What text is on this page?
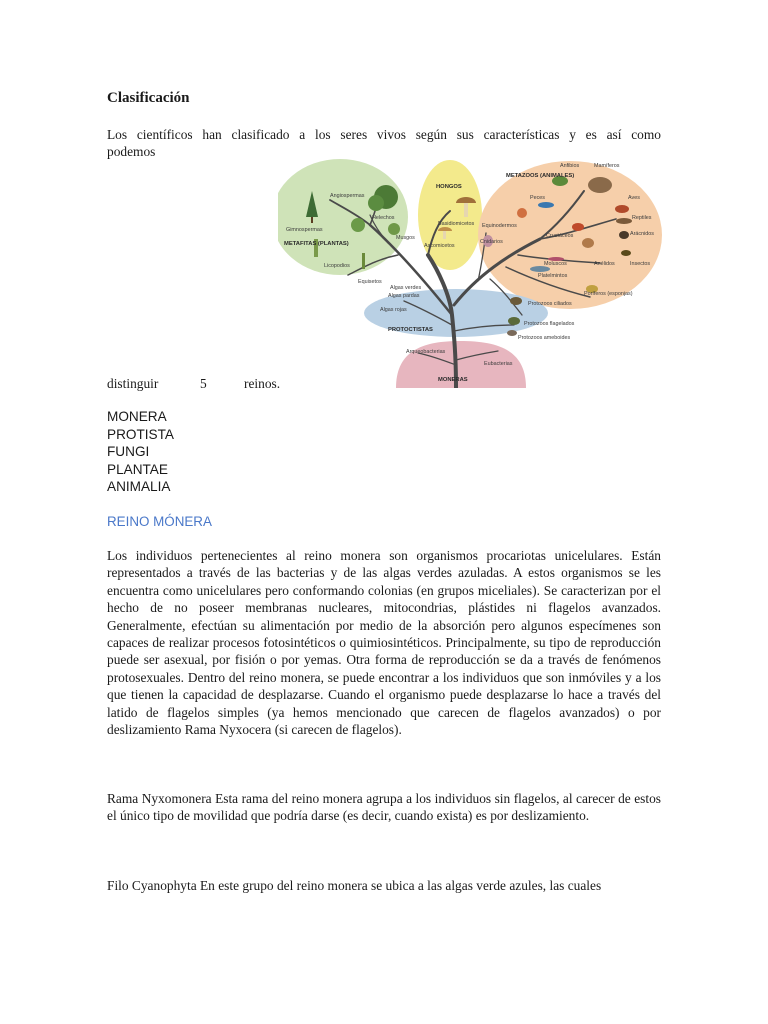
Clasificación
Los científicos han clasificado a los seres vivos según sus características y es así como
podemos
METAFITAS (PLANTAS)
HONGOS
METAZOOS (ANIMALES)
PROTOCTISTAS
MONERAS
Angiospermas
Gimnospermas
Helechos
Musgos
Licopodios
Equisetos
Basidiomicetos
Ascomicetos
Anfibios	Mamíferos
Aves
Reptiles
Peces
Equinodermos
Cnidarios
Arácnidos
Insectos
Crustáceos
Moluscos	Anélidos
Platelmintos
Poríferos (esponjas)
Algas verdes
Algas pardas
Algas rojas
Protozoos ciliados
Protozoos flagelados
Protozoos ameboides
Arqueobacterias
Eubacterias
distinguir	5	reinos.
MONERA
PROTISTA
FUNGI
PLANTAE
ANIMALIA
REINO MÓNERA
Los individuos pertenecientes al reino monera son organismos procariotas unicelulares. Están representados a través de las bacterias y de las algas verdes azuladas. A estos organismos se les encuentra como unicelulares pero conformando colonias (en grupos miceliales). Se caracterizan por el hecho de no poseer membranas nucleares, mitocondrias, plástides ni flagelos avanzados. Generalmente, efectúan su alimentación por medio de la absorción pero algunos especímenes son capaces de realizar procesos fotosintéticos o quimiosintéticos. Principalmente, su tipo de reproducción puede ser asexual, por fisión o por yemas. Otra forma de reproducción se da a través de fenómenos protosexuales. Dentro del reino monera, se puede encontrar a los individuos que son inmóviles y a los que tienen la capacidad de desplazarse. Cuando el organismo puede desplazarse lo hace a través del latido de flagelos simples (ya hemos mencionado que carecen de flagelos avanzados) o por deslizamiento Rama Nyxocera (si carecen de flagelos).
Rama Nyxomonera Esta rama del reino monera agrupa a los individuos sin flagelos, al carecer de estos el único tipo de movilidad que podría darse (es decir, cuando exista) es por deslizamiento.
Filo Cyanophyta En este grupo del reino monera se ubica a las algas verde azules, las cuales
